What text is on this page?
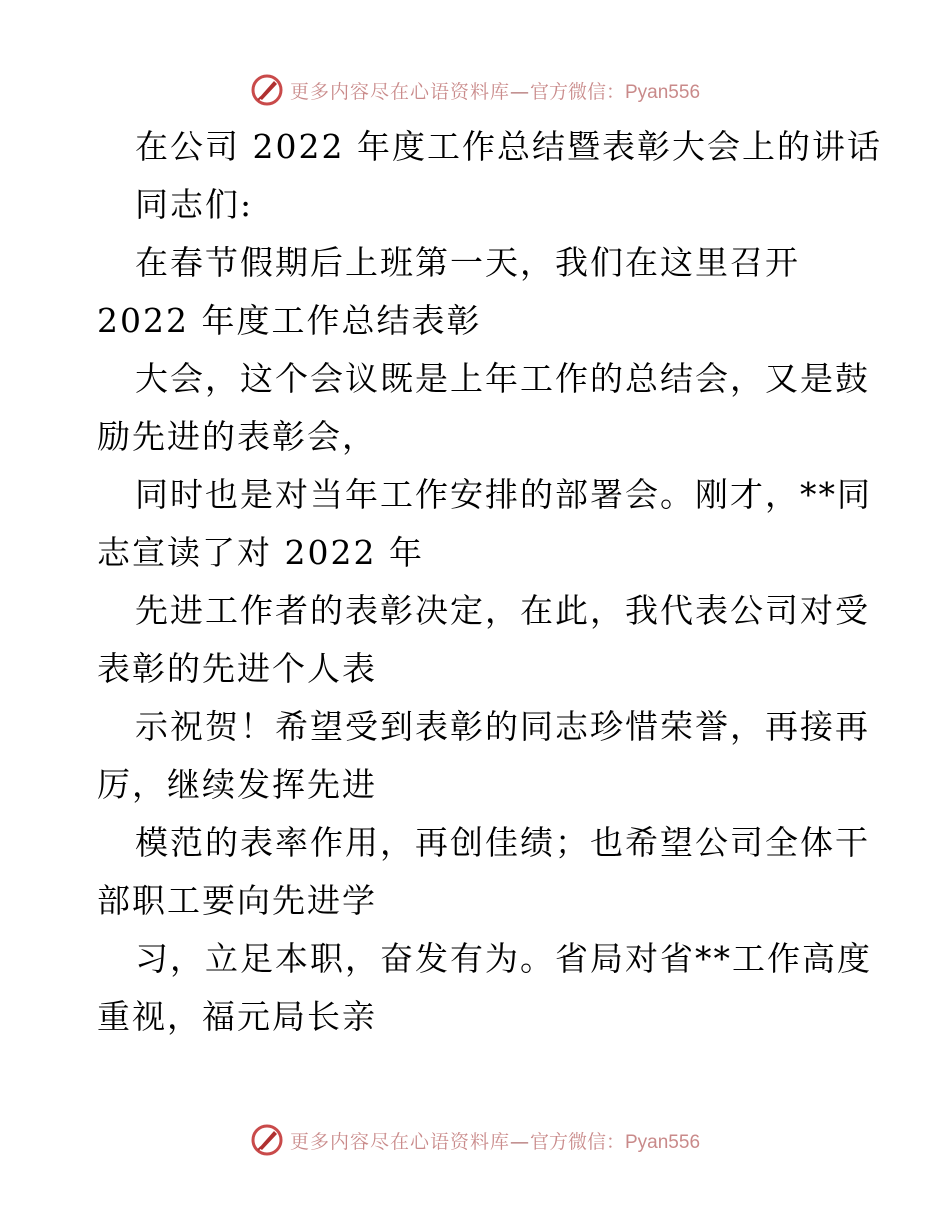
更多内容尽在心语资料库—官方微信：Pyan556
在公司 2022 年度工作总结暨表彰大会上的讲话
同志们:
在春节假期后上班第一天，我们在这里召开
2022 年度工作总结表彰
大会，这个会议既是上年工作的总结会，又是鼓
励先进的表彰会，
同时也是对当年工作安排的部署会。刚才，**同
志宣读了对 2022 年
先进工作者的表彰决定，在此，我代表公司对受
表彰的先进个人表
示祝贺！希望受到表彰的同志珍惜荣誉，再接再
厉，继续发挥先进
模范的表率作用，再创佳绩；也希望公司全体干
部职工要向先进学
习，立足本职，奋发有为。省局对省**工作高度
重视，福元局长亲
更多内容尽在心语资料库—官方微信：Pyan556
